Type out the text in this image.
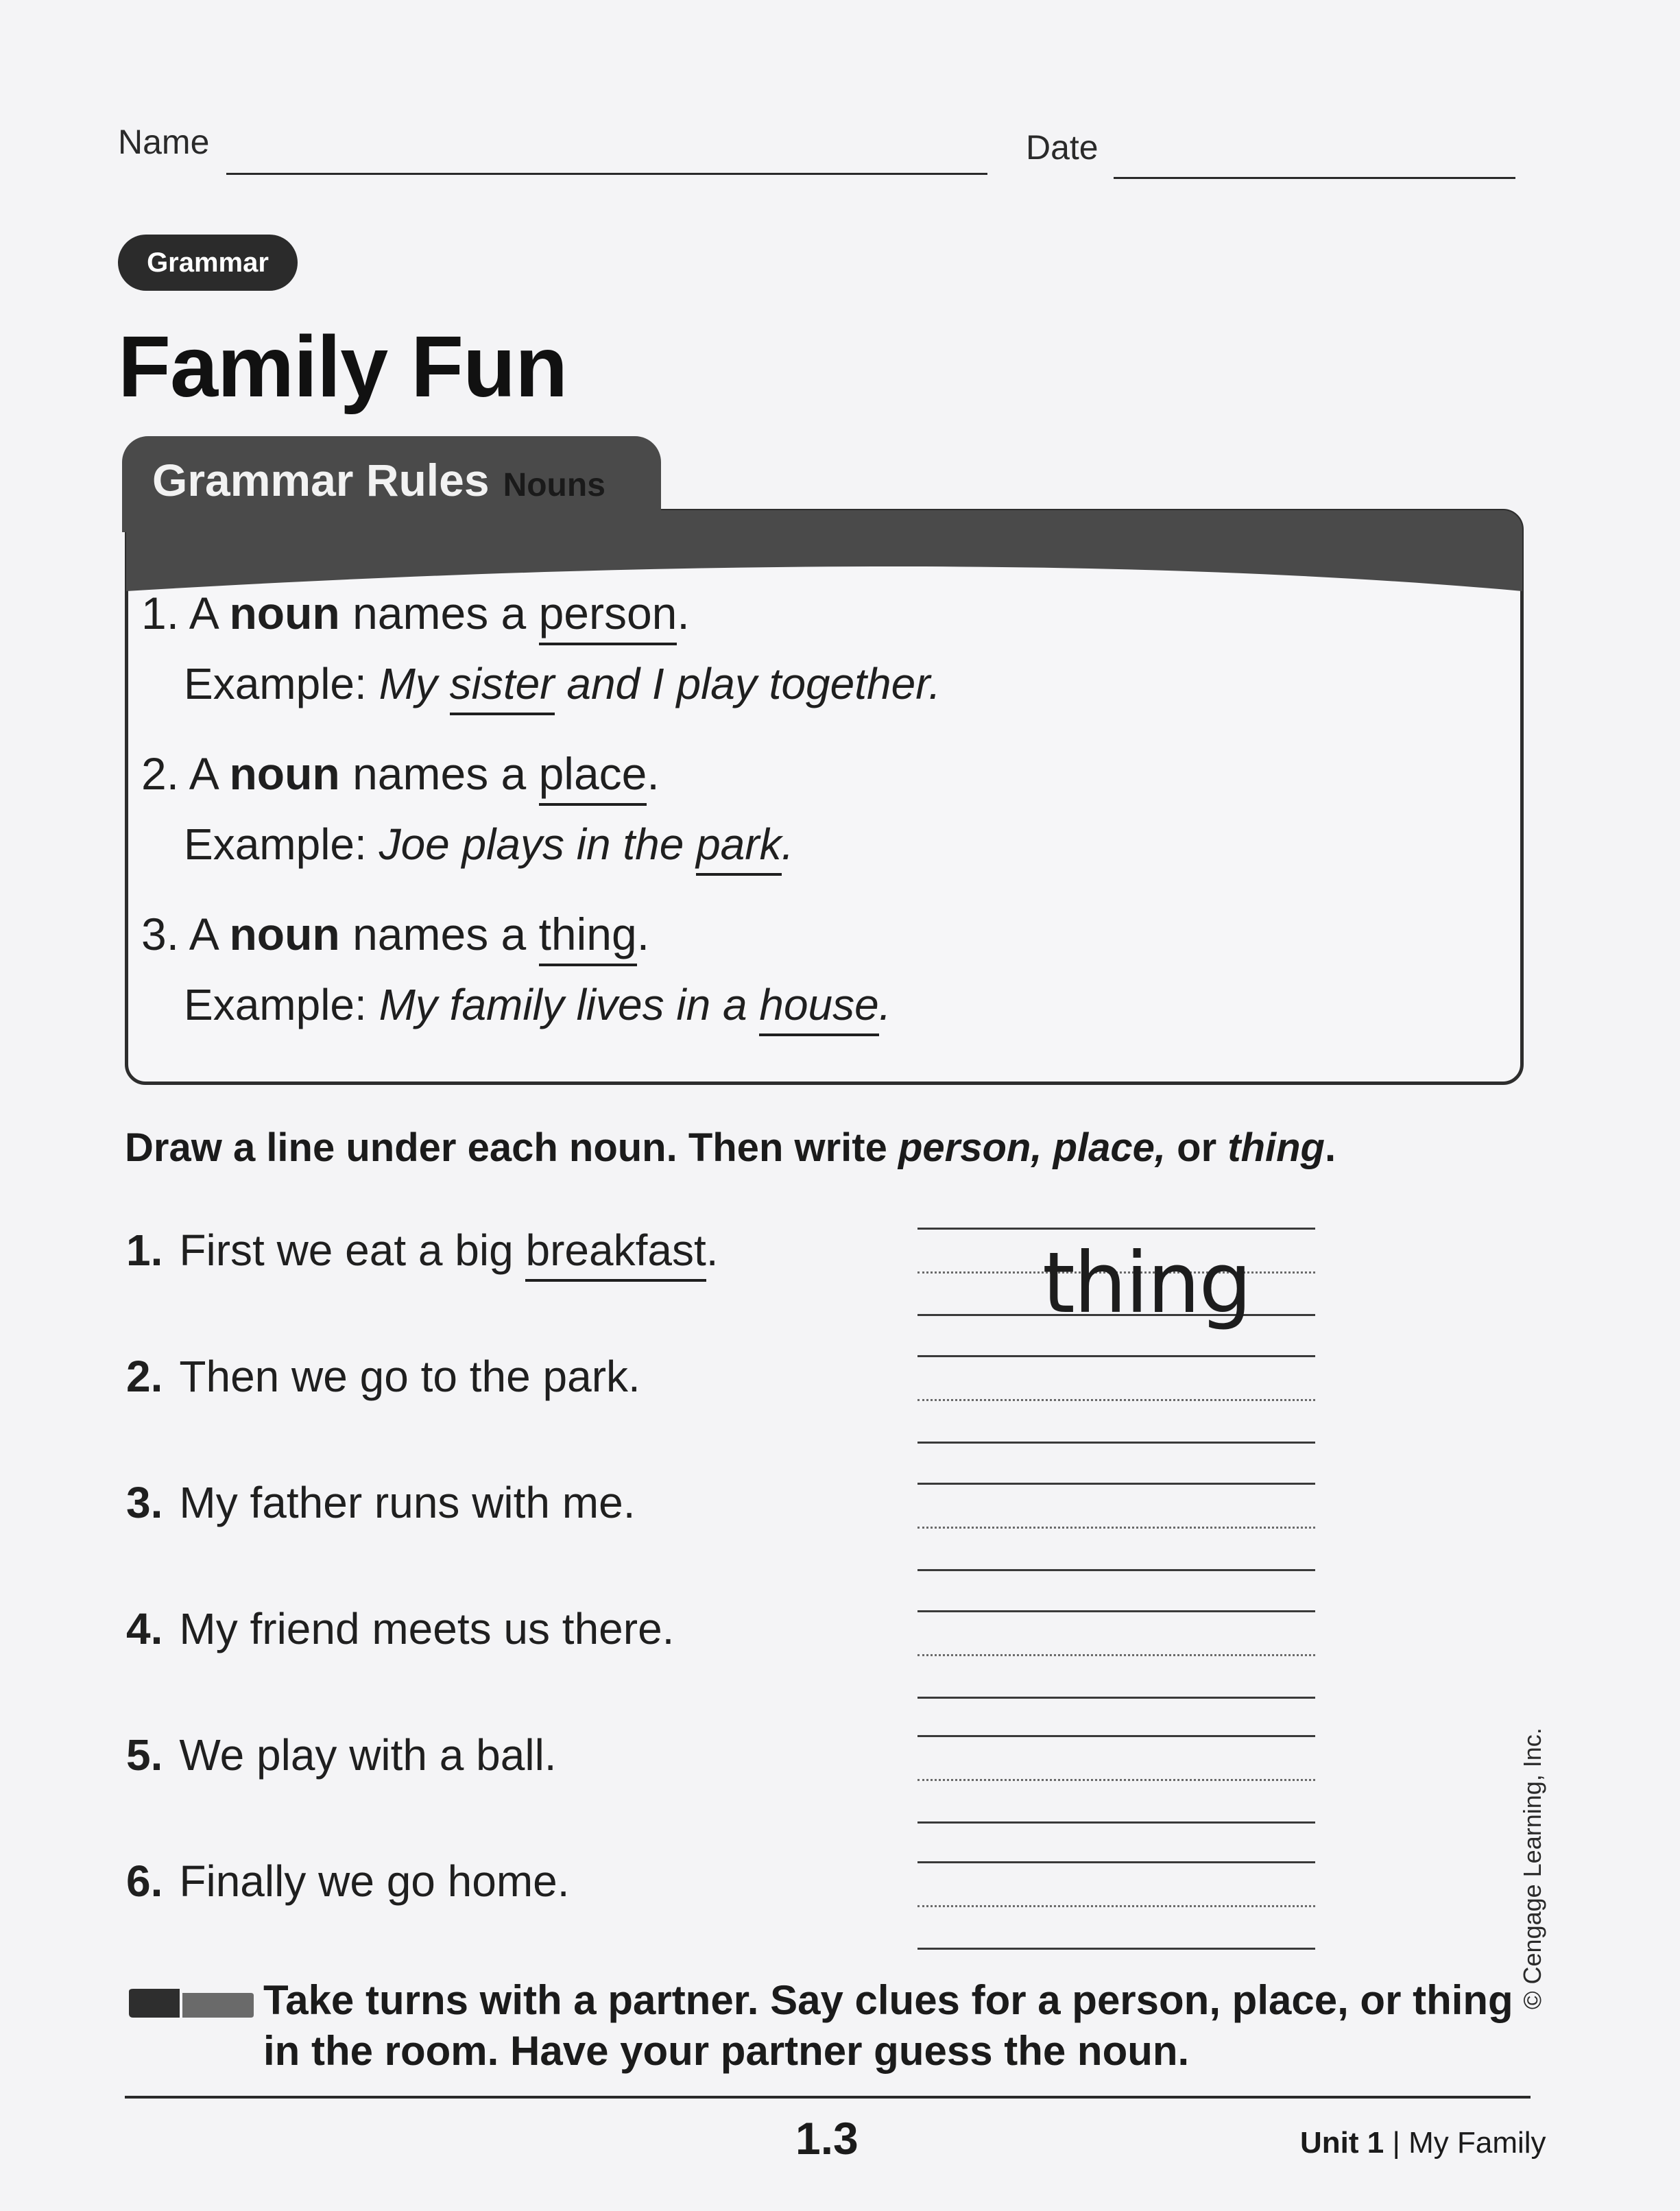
Name	Date
Grammar
Family Fun
Grammar Rules Nouns
1. A noun names a person.
Example: My sister and I play together.
2. A noun names a place.
Example: Joe plays in the park.
3. A noun names a thing.
Example: My family lives in a house.
Draw a line under each noun. Then write person, place, or thing.
1. First we eat a big breakfast.
2. Then we go to the park.
3. My father runs with me.
4. My friend meets us there.
5. We play with a ball.
6. Finally we go home.
thing
Take turns with a partner. Say clues for a person, place, or thing
in the room. Have your partner guess the noun.
1.3	Unit 1 | My Family
© Cengage Learning, Inc.
